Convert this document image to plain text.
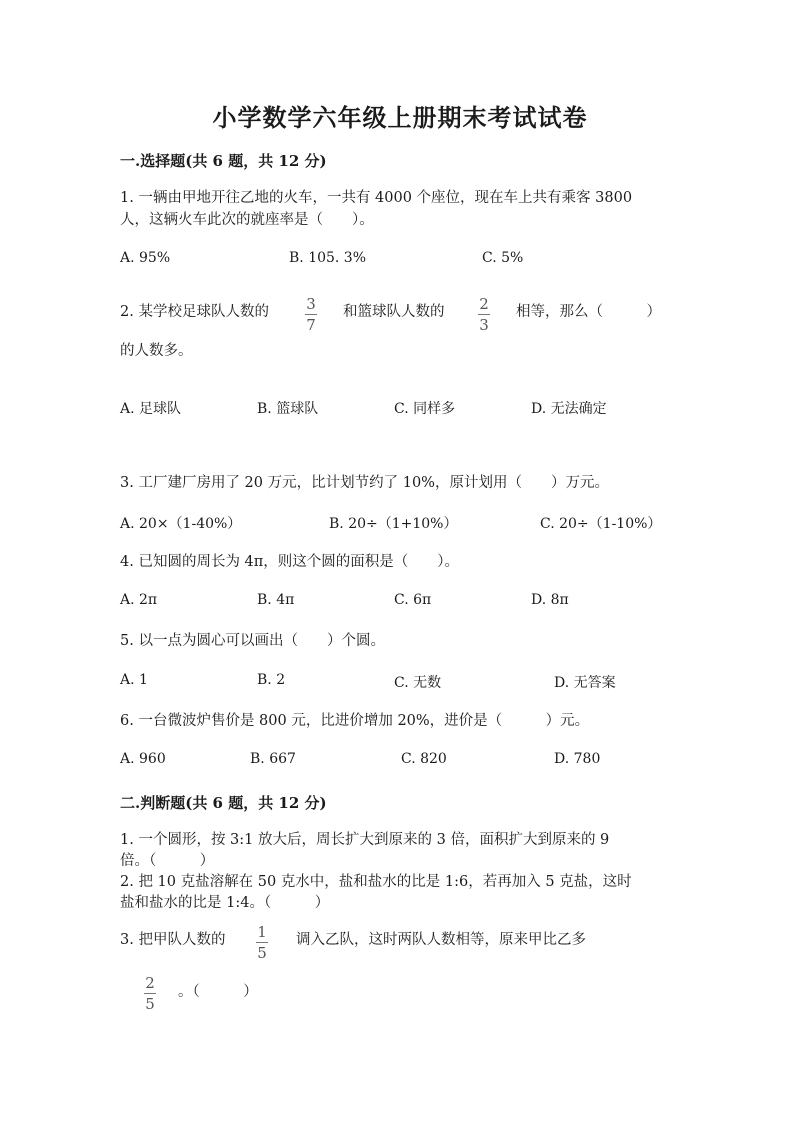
小学数学六年级上册期末考试试卷
一.选择题(共 6 题，共 12 分)
1. 一辆由甲地开往乙地的火车，一共有 4000 个座位，现在车上共有乘客 3800
人，这辆火车此次的就座率是（　　）。
A. 95%	B. 105. 3%	C. 5%
2. 某学校足球队人数的 3
7
和篮球队人数的 2
3
相等，那么（　　　）
的人数多。
A. 足球队	B. 篮球队	C. 同样多	D. 无法确定
3. 工厂建厂房用了 20 万元，比计划节约了 10%，原计划用（　　）万元。
A. 20×（1-40%）	B. 20÷（1+10%）	C. 20÷（1-10%）
4. 已知圆的周长为 4π，则这个圆的面积是（　　）。
A. 2π	B. 4π	C. 6π	D. 8π
5. 以一点为圆心可以画出（　　）个圆。
A. 1	B. 2	C. 无数	D. 无答案
6. 一台微波炉售价是 800 元，比进价增加 20%，进价是（　　　）元。
A. 960	B. 667	C. 820	D. 780
二.判断题(共 6 题，共 12 分)
1. 一个圆形，按 3:1 放大后，周长扩大到原来的 3 倍，面积扩大到原来的 9
倍。（　　　）
2. 把 10 克盐溶解在 50 克水中，盐和盐水的比是 1:6，若再加入 5 克盐，这时
盐和盐水的比是 1:4。（　　　）
3. 把甲队人数的 1
5
调入乙队，这时两队人数相等，原来甲比乙多
2
5
。（　　　）
